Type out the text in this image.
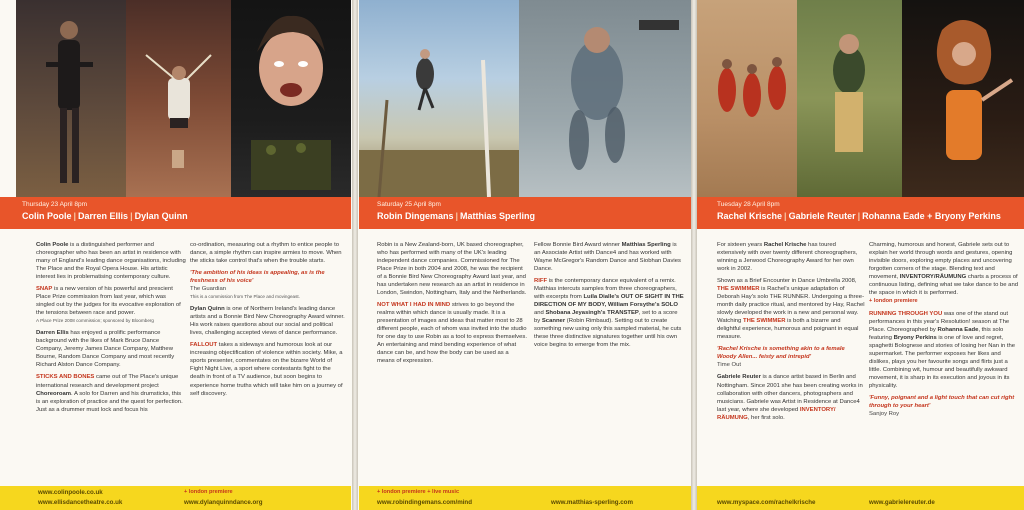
Thursday 23 April 8pm
Colin Poole | Darren Ellis | Dylan Quinn

Colin Poole is a distinguished performer and choreographer who has been an artist in residence with many of England's leading dance organisations, including The Place and the Royal Opera House. His artistic interest lies in problematising contemporary culture.

SNAP is a new version of his powerful and prescient Place Prize commission from last year, which was singled out by the judges for its evocative exploration of the tensions between race and power.
A Place Prize 2008 commission; sponsored by Bloomberg

Darren Ellis has enjoyed a prolific performance background with the likes of Mark Bruce Dance Company, Jeremy James Dance Company, Matthew Bourne, Random Dance Company and most recently Richard Alston Dance Company.

STICKS AND BONES came out of The Place's unique international research and development project Choreoroam. A solo for Darren and his drumsticks, this is an exploration of practice and the quest for perfection. Just as a drummer must lock and focus his

co-ordination, measuring out a rhythm to entice people to dance, a simple rhythm can inspire armies to move. When the sticks take control that's when the trouble starts.

'The ambition of his ideas is appealing, as is the freshness of his voice'
The Guardian
This is a commission from The Place and movingeast.

Dylan Quinn is one of Northern Ireland's leading dance artists and a Bonnie Bird New Choreography Award winner. His work raises questions about our social and political lives, challenging accepted views of dance performance.

FALLOUT takes a sideways and humorous look at our increasing objectification of violence within society. Mike, a sports presenter, commentates on the bizarre World of Fight Night Live, a sport where contestants fight to the death in front of a TV audience, but soon begins to experience home truths which will take him on a journey of self discovery.

www.colinpoole.co.uk
www.ellisdancetheatre.co.uk
+ london premiere
www.dylanquinndance.org
Saturday 25 April 8pm
Robin Dingemans | Matthias Sperling

Robin is a New Zealand-born, UK based choreographer, who has performed with many of the UK's leading independent dance companies. Commissioned for The Place Prize in both 2004 and 2008, he was the recipient of a Bonnie Bird New Choreography Award last year, and has undertaken new research as an artist in residence in London, Swindon, Nottingham, Italy and the Netherlands.

NOT WHAT I HAD IN MIND strives to go beyond the realms within which dance is usually made. It is a presentation of images and ideas that matter most to 28 different people, each of whom was invited into the studio for one day to use Robin as a tool to express themselves. An entertaining and mind bending experience of what dance can be, and how the body can be used as a means of expression.

Fellow Bonnie Bird Award winner Matthias Sperling is an Associate Artist with Dance4 and has worked with Wayne McGregor's Random Dance and Siobhan Davies Dance.

RIFF is the contemporary dance equivalent of a remix. Matthias intercuts samples from three choreographers, with excerpts from Luila Dialle's OUT OF SIGHT IN THE DIRECTION OF MY BODY, William Forsythe's SOLO and Shobana Jeyasingh's TRANSTEP, set to a score by Scanner (Robin Rimbaud). Setting out to create something new using only this sampled material, he cuts these three distinctive signatures together until his own voice begins to emerge from the mix.

+ london premiere + live music
www.robindingemans.com/mind	www.matthias-sperling.com
Tuesday 28 April 8pm
Rachel Krische | Gabriele Reuter | Rohanna Eade + Bryony Perkins

For sixteen years Rachel Krische has toured extensively with over twenty different choreographers, winning a Jerwood Choreography Award for her own work in 2002.

Shown as a Brief Encounter in Dance Umbrella 2008, THE SWIMMER is Rachel's unique adaptation of Deborah Hay's solo THE RUNNER. Undergoing a three-month daily practice ritual, and mentored by Hay, Rachel slowly developed the work in a new and personal way. Watching THE SWIMMER is both a bizarre and delightful experience, humorous and poignant in equal measure.

'Rachel Krische is something akin to a female Woody Allen... feisty and intrepid'
Time Out

Gabriele Reuter is a dance artist based in Berlin and Nottingham. Since 2001 she has been creating works in collaboration with other dancers, photographers and musicians. Gabriele was Artist in Residence at Dance4 last year, where she developed INVENTORY/ RÄUMUNG, her first solo.

Charming, humorous and honest, Gabriele sets out to explain her world through words and gestures, opening invisible doors, exploring empty places and uncovering forgotten corners of the stage. Blending text and movement, INVENTORY/RÄUMUNG charts a process of continuous listing, defining what we take dance to be and the space in which it is performed.
+ london premiere

RUNNING THROUGH YOU was one of the stand out performances in this year's Resolution! season at The Place. Choreographed by Rohanna Eade, this solo featuring Bryony Perkins is one of love and regret, spaghetti Bolognese and stories of losing her Nan in the supermarket. The performer exposes her likes and dislikes, plays you her favourite songs and flirts just a little. Combining wit, humour and beautifully awkward movement, it is sharp in its execution and joyous in its physicality.

'Funny, poignant and a light touch that can cut right through to your heart'
Sanjoy Roy

www.myspace.com/rachelkrische	www.gabrielereuter.de
